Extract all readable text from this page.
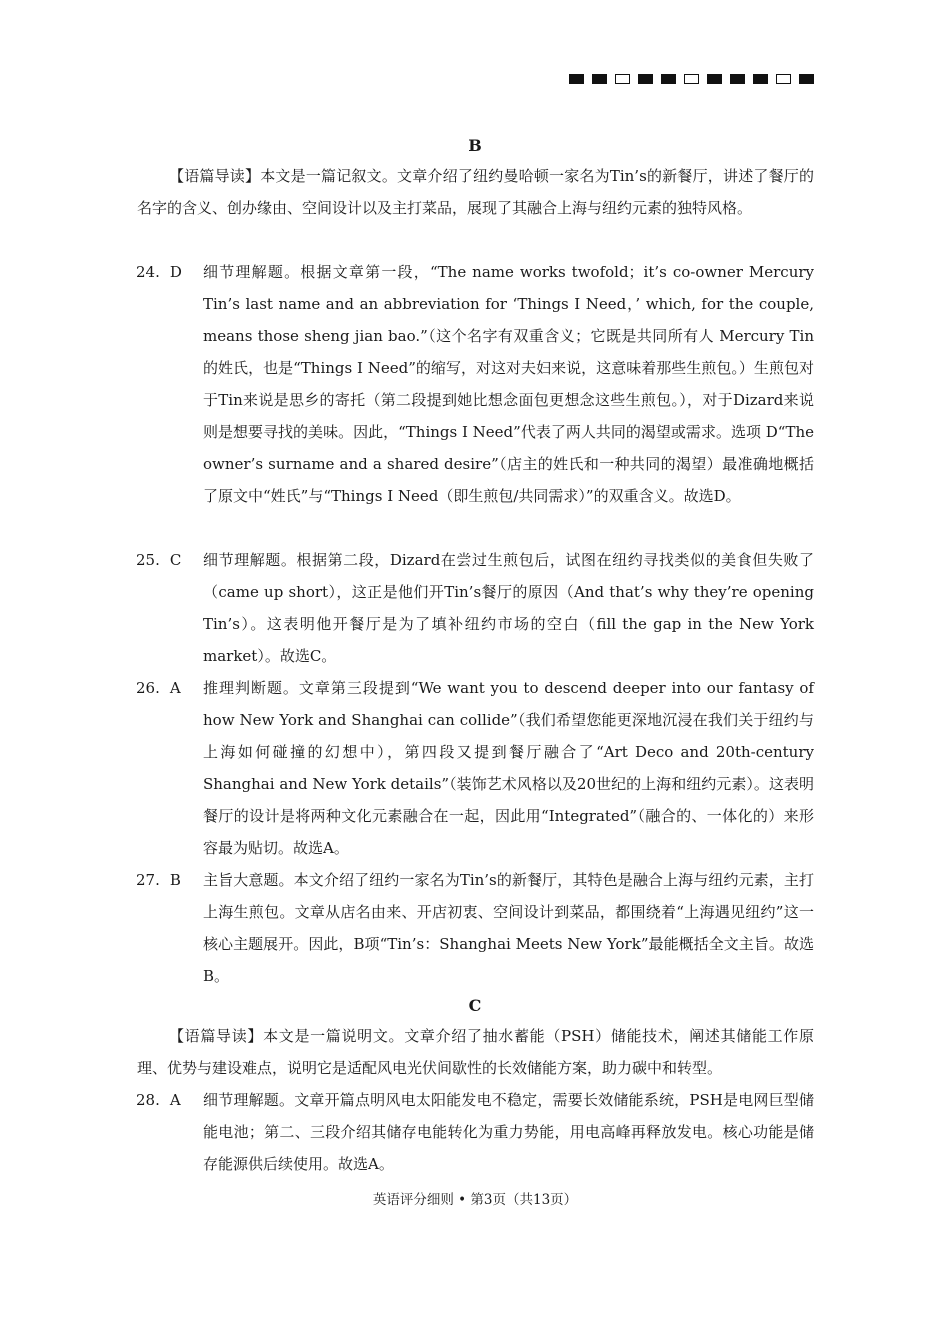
B

【语篇导读】本文是一篇记叙文。文章介绍了纽约曼哈顿一家名为Tin’s的新餐厅，讲述了餐厅的名字的含义、创办缘由、空间设计以及主打菜品，展现了其融合上海与纽约元素的独特风格。

24. D 细节理解题。根据文章第一段，“The name works twofold；it’s co-owner Mercury Tin’s last name and an abbreviation for ‘Things I Need，’ which, for the couple, means those sheng jian bao.”（这个名字有双重含义；它既是共同所有人 Mercury Tin 的姓氏，也是“Things I Need”的缩写，对这对夫妇来说，这意味着那些生煎包。）生煎包对于Tin来说是思乡的寄托（第二段提到她比想念面包更想念这些生煎包。），对于Dizard来说则是想要寻找的美味。因此，“Things I Need”代表了两人共同的渴望或需求。选项 D“The owner’s surname and a shared desire”（店主的姓氏和一种共同的渴望）最准确地概括了原文中“姓氏”与“Things I Need（即生煎包/共同需求）”的双重含义。故选D。

25. C 细节理解题。根据第二段，Dizard在尝过生煎包后，试图在纽约寻找类似的美食但失败了（came up short），这正是他们开Tin’s餐厅的原因（And that’s why they’re opening Tin’s）。这表明他开餐厅是为了填补纽约市场的空白（fill the gap in the New York market）。故选C。

26. A 推理判断题。文章第三段提到“We want you to descend deeper into our fantasy of how New York and Shanghai can collide”（我们希望您能更深地沉浸在我们关于纽约与上海如何碰撞的幻想中），第四段又提到餐厅融合了“Art Deco and 20th-century Shanghai and New York details”（装饰艺术风格以及20世纪的上海和纽约元素）。这表明餐厅的设计是将两种文化元素融合在一起，因此用“Integrated”（融合的、一体化的）来形容最为贴切。故选A。

27. B 主旨大意题。本文介绍了纽约一家名为Tin’s的新餐厅，其特色是融合上海与纽约元素，主打上海生煎包。文章从店名由来、开店初衷、空间设计到菜品，都围绕着“上海遇见纽约”这一核心主题展开。因此，B项“Tin’s：Shanghai Meets New York”最能概括全文主旨。故选B。

C

【语篇导读】本文是一篇说明文。文章介绍了抽水蓄能（PSH）储能技术，阐述其储能工作原理、优势与建设难点，说明它是适配风电光伏间歇性的长效储能方案，助力碳中和转型。

28. A 细节理解题。文章开篇点明风电太阳能发电不稳定，需要长效储能系统，PSH是电网巨型储能电池；第二、三段介绍其储存电能转化为重力势能，用电高峰再释放发电。核心功能是储存能源供后续使用。故选A。

英语评分细则 • 第3页（共13页）
